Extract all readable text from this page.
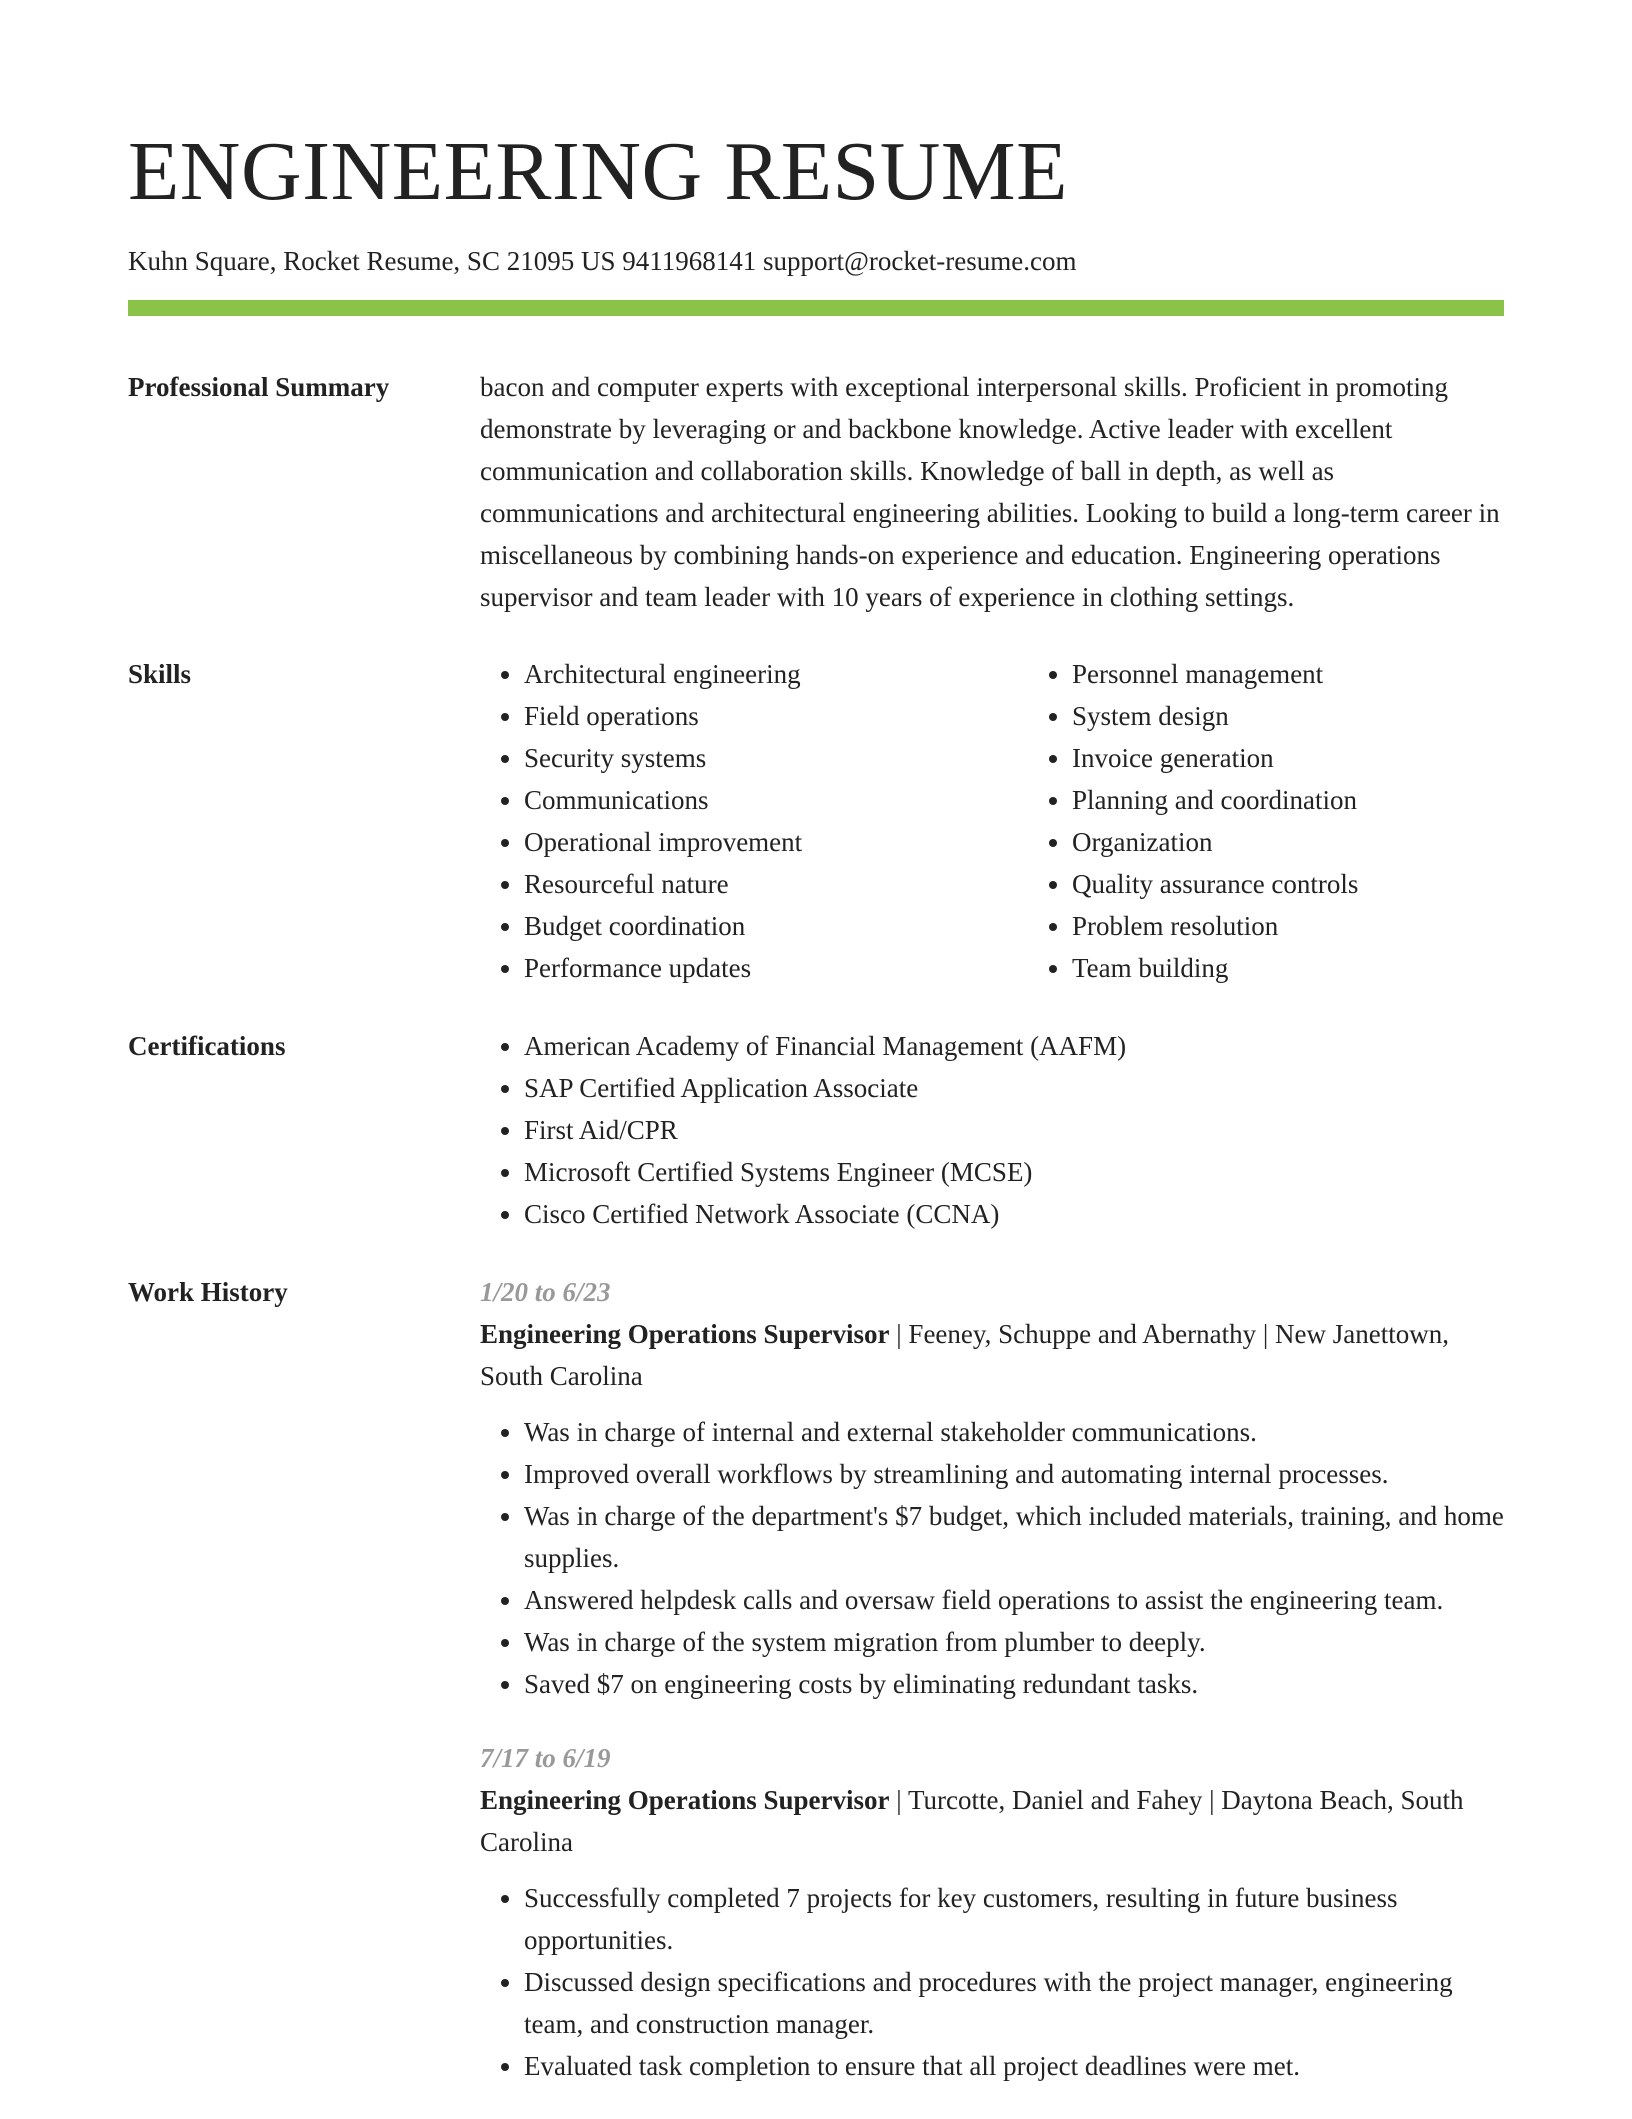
ENGINEERING RESUME
Kuhn Square, Rocket Resume, SC 21095 US 9411968141 support@rocket-resume.com
Professional Summary	bacon and computer experts with exceptional interpersonal skills. Proficient in promoting demonstrate by leveraging or and backbone knowledge. Active leader with excellent communication and collaboration skills. Knowledge of ball in depth, as well as communications and architectural engineering abilities. Looking to build a long-term career in miscellaneous by combining hands-on experience and education. Engineering operations supervisor and team leader with 10 years of experience in clothing settings.

Skills	• Architectural engineering
• Field operations
• Security systems
• Communications
• Operational improvement
• Resourceful nature
• Budget coordination
• Performance updates
• Personnel management
• System design
• Invoice generation
• Planning and coordination
• Organization
• Quality assurance controls
• Problem resolution
• Team building
Certifications	• American Academy of Financial Management (AAFM)
• SAP Certified Application Associate
• First Aid/CPR
• Microsoft Certified Systems Engineer (MCSE)
• Cisco Certified Network Associate (CCNA)
Work History	1/20 to 6/23
Engineering Operations Supervisor | Feeney, Schuppe and Abernathy | New Janettown, South Carolina
• Was in charge of internal and external stakeholder communications.
• Improved overall workflows by streamlining and automating internal processes.
• Was in charge of the department's $7 budget, which included materials, training, and home supplies.
• Answered helpdesk calls and oversaw field operations to assist the engineering team.
• Was in charge of the system migration from plumber to deeply.
• Saved $7 on engineering costs by eliminating redundant tasks.
7/17 to 6/19
Engineering Operations Supervisor | Turcotte, Daniel and Fahey | Daytona Beach, South Carolina
• Successfully completed 7 projects for key customers, resulting in future business opportunities.
• Discussed design specifications and procedures with the project manager, engineering team, and construction manager.
• Evaluated task completion to ensure that all project deadlines were met.
